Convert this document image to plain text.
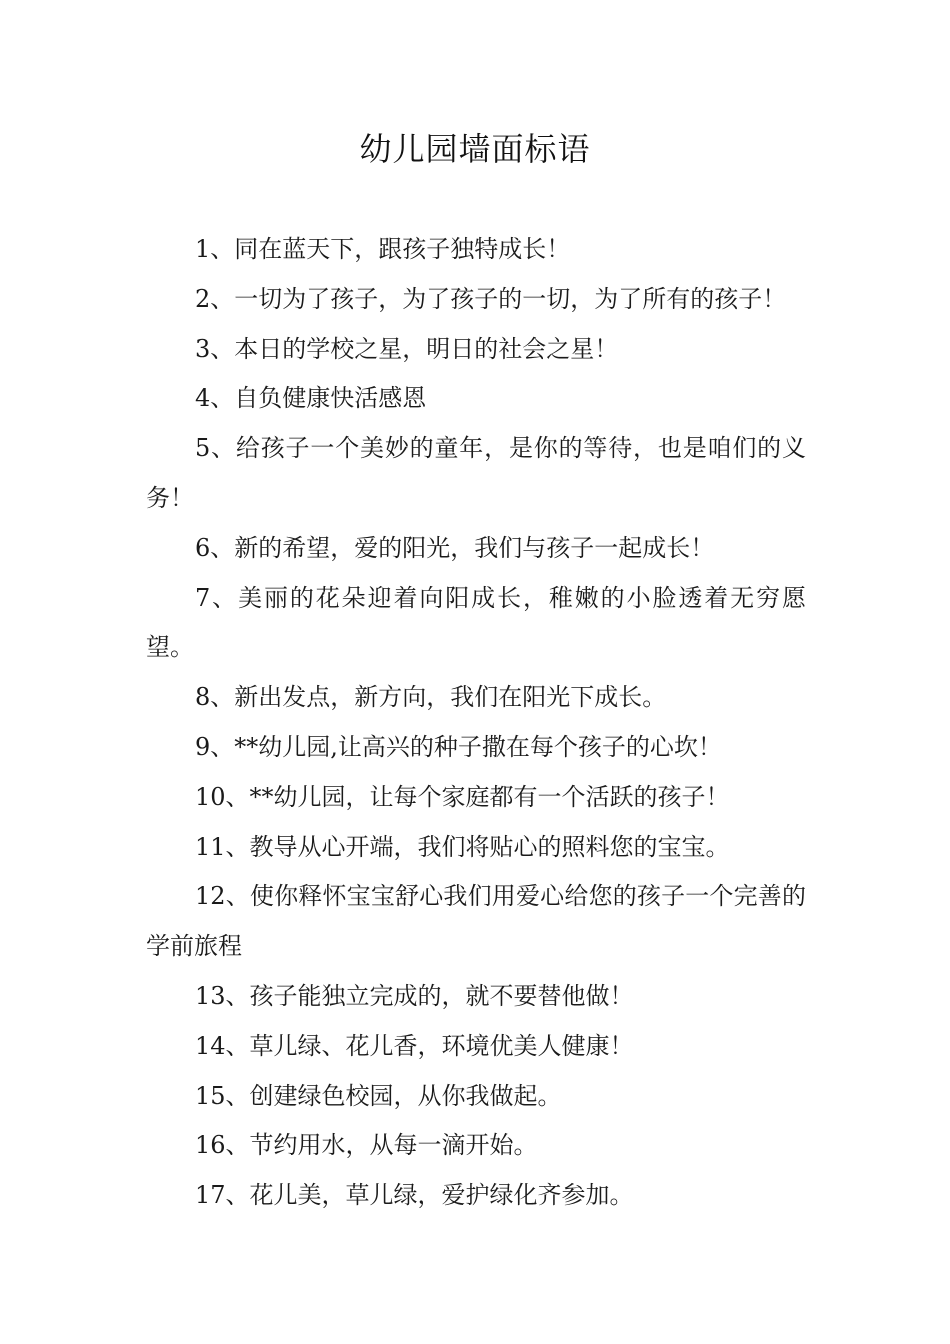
幼儿园墙面标语

1、同在蓝天下，跟孩子独特成长！

2、一切为了孩子，为了孩子的一切，为了所有的孩子！

3、本日的学校之星，明日的社会之星！

4、自负健康快活感恩

5、给孩子一个美妙的童年，是你的等待，也是咱们的义务！

6、新的希望，爱的阳光，我们与孩子一起成长！

7、美丽的花朵迎着向阳成长，稚嫩的小脸透着无穷愿望。

8、新出发点，新方向，我们在阳光下成长。

9、**幼儿园,让高兴的种子撒在每个孩子的心坎！

10、**幼儿园，让每个家庭都有一个活跃的孩子！

11、教导从心开端，我们将贴心的照料您的宝宝。

12、使你释怀宝宝舒心我们用爱心给您的孩子一个完善的学前旅程

13、孩子能独立完成的，就不要替他做！

14、草儿绿、花儿香，环境优美人健康！

15、创建绿色校园，从你我做起。

16、节约用水，从每一滴开始。

17、花儿美，草儿绿，爱护绿化齐参加。
